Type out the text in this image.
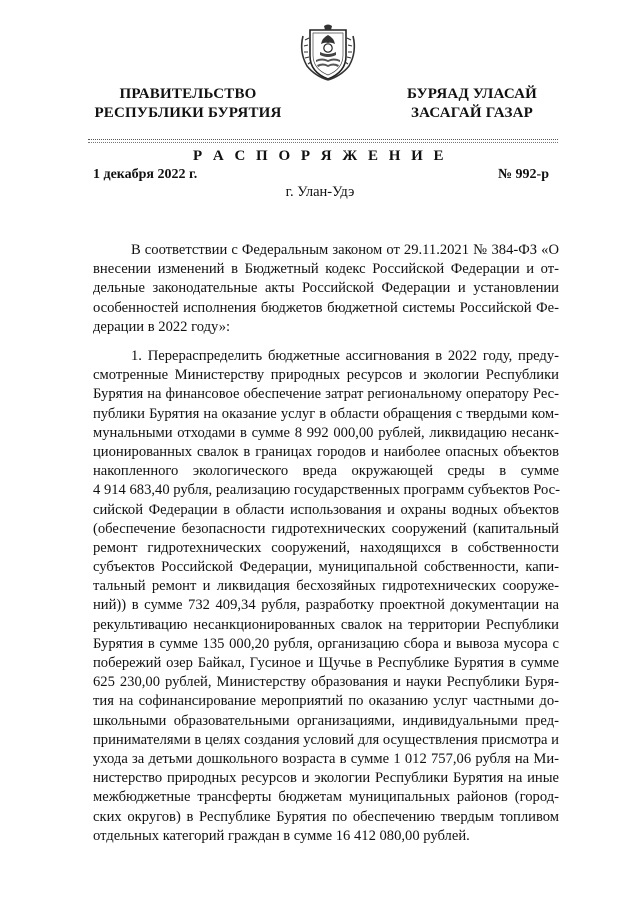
ПРАВИТЕЛЬСТВО
РЕСПУБЛИКИ БУРЯТИЯ
БУРЯАД УЛАСАЙ
ЗАСАГАЙ ГАЗАР
Р А С П О Р Я Ж Е Н И Е
1 декабря 2022 г.	№ 992-р
г. Улан-Удэ
В соответствии с Федеральным законом от 29.11.2021 № 384-ФЗ «О
внесении изменений в Бюджетный кодекс Российской Федерации и от-
дельные законодательные акты Российской Федерации и установлении
особенностей исполнения бюджетов бюджетной системы Российской Фе-
дерации в 2022 году»:
1. Перераспределить бюджетные ассигнования в 2022 году, преду-
смотренные Министерству природных ресурсов и экологии Республики
Бурятия на финансовое обеспечение затрат региональному оператору Рес-
публики Бурятия на оказание услуг в области обращения с твердыми ком-
мунальными отходами в сумме 8 992 000,00 рублей, ликвидацию несанк-
ционированных свалок в границах городов и наиболее опасных объектов
накопленного экологического вреда окружающей среды в сумме
4 914 683,40 рубля, реализацию государственных программ субъектов Рос-
сийской Федерации в области использования и охраны водных объектов
(обеспечение безопасности гидротехнических сооружений (капитальный
ремонт гидротехнических сооружений, находящихся в собственности
субъектов Российской Федерации, муниципальной собственности, капи-
тальный ремонт и ликвидация бесхозяйных гидротехнических сооруже-
ний)) в сумме 732 409,34 рубля, разработку проектной документации на
рекультивацию несанкционированных свалок на территории Республики
Бурятия в сумме 135 000,20 рубля, организацию сбора и вывоза мусора с
побережий озер Байкал, Гусиное и Щучье в Республике Бурятия в сумме
625 230,00 рублей, Министерству образования и науки Республики Буря-
тия на софинансирование мероприятий по оказанию услуг частными до-
школьными образовательными организациями, индивидуальными пред-
принимателями в целях создания условий для осуществления присмотра и
ухода за детьми дошкольного возраста в сумме 1 012 757,06 рубля на Ми-
нистерство природных ресурсов и экологии Республики Бурятия на иные
межбюджетные трансферты бюджетам муниципальных районов (город-
ских округов) в Республике Бурятия по обеспечению твердым топливом
отдельных категорий граждан в сумме 16 412 080,00 рублей.
